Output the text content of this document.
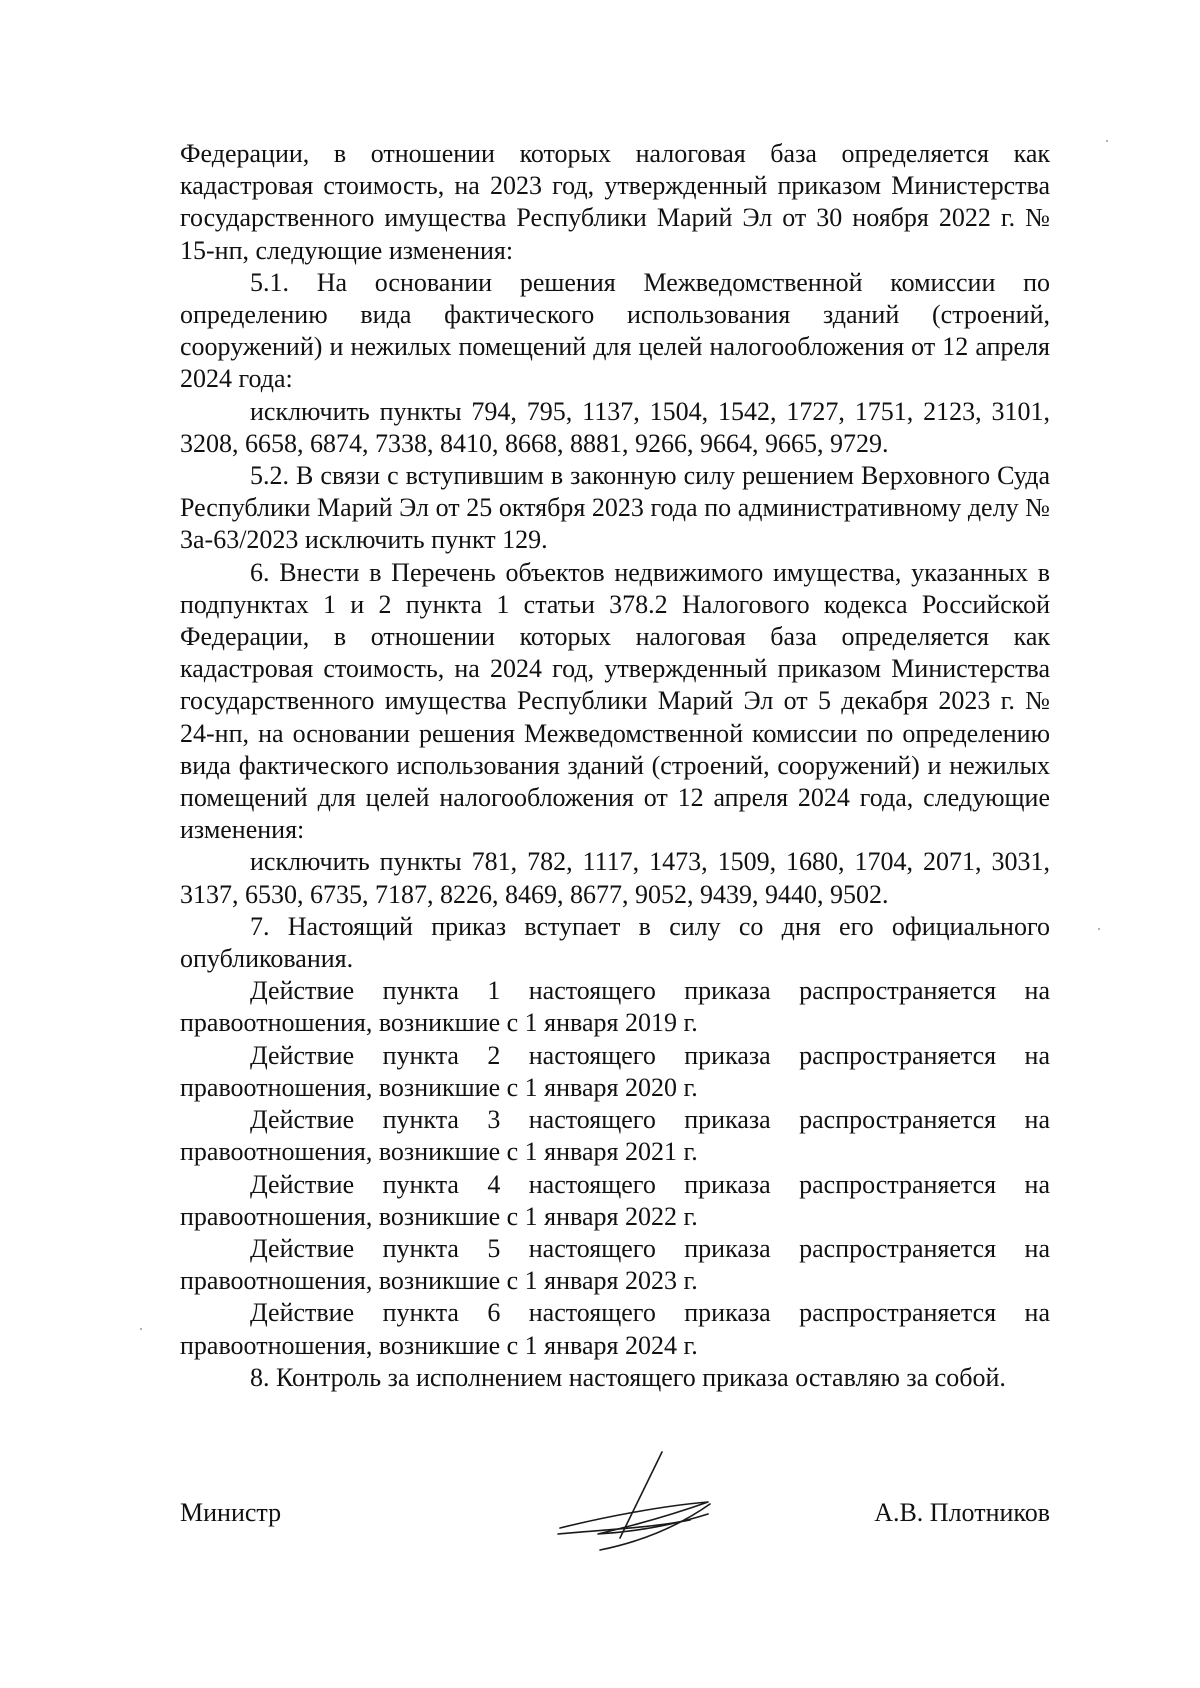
Федерации, в отношении которых налоговая база определяется как кадастровая стоимость, на 2023 год, утвержденный приказом Министерства государственного имущества Республики Марий Эл от 30 ноября 2022 г. № 15-нп, следующие изменения:

5.1. На основании решения Межведомственной комиссии по определению вида фактического использования зданий (строений, сооружений) и нежилых помещений для целей налогообложения от 12 апреля 2024 года:

исключить пункты 794, 795, 1137, 1504, 1542, 1727, 1751, 2123, 3101, 3208, 6658, 6874, 7338, 8410, 8668, 8881, 9266, 9664, 9665, 9729.

5.2. В связи с вступившим в законную силу решением Верховного Суда Республики Марий Эл от 25 октября 2023 года по административному делу № 3а-63/2023 исключить пункт 129.

6. Внести в Перечень объектов недвижимого имущества, указанных в подпунктах 1 и 2 пункта 1 статьи 378.2 Налогового кодекса Российской Федерации, в отношении которых налоговая база определяется как кадастровая стоимость, на 2024 год, утвержденный приказом Министерства государственного имущества Республики Марий Эл от 5 декабря 2023 г. № 24-нп, на основании решения Межведомственной комиссии по определению вида фактического использования зданий (строений, сооружений) и нежилых помещений для целей налогообложения от 12 апреля 2024 года, следующие изменения:

исключить пункты 781, 782, 1117, 1473, 1509, 1680, 1704, 2071, 3031, 3137, 6530, 6735, 7187, 8226, 8469, 8677, 9052, 9439, 9440, 9502.

7. Настоящий приказ вступает в силу со дня его официального опубликования.

Действие пункта 1 настоящего приказа распространяется на правоотношения, возникшие с 1 января 2019 г.

Действие пункта 2 настоящего приказа распространяется на правоотношения, возникшие с 1 января 2020 г.

Действие пункта 3 настоящего приказа распространяется на правоотношения, возникшие с 1 января 2021 г.

Действие пункта 4 настоящего приказа распространяется на правоотношения, возникшие с 1 января 2022 г.

Действие пункта 5 настоящего приказа распространяется на правоотношения, возникшие с 1 января 2023 г.

Действие пункта 6 настоящего приказа распространяется на правоотношения, возникшие с 1 января 2024 г.

8. Контроль за исполнением настоящего приказа оставляю за собой.

Министр	А.В. Плотников
